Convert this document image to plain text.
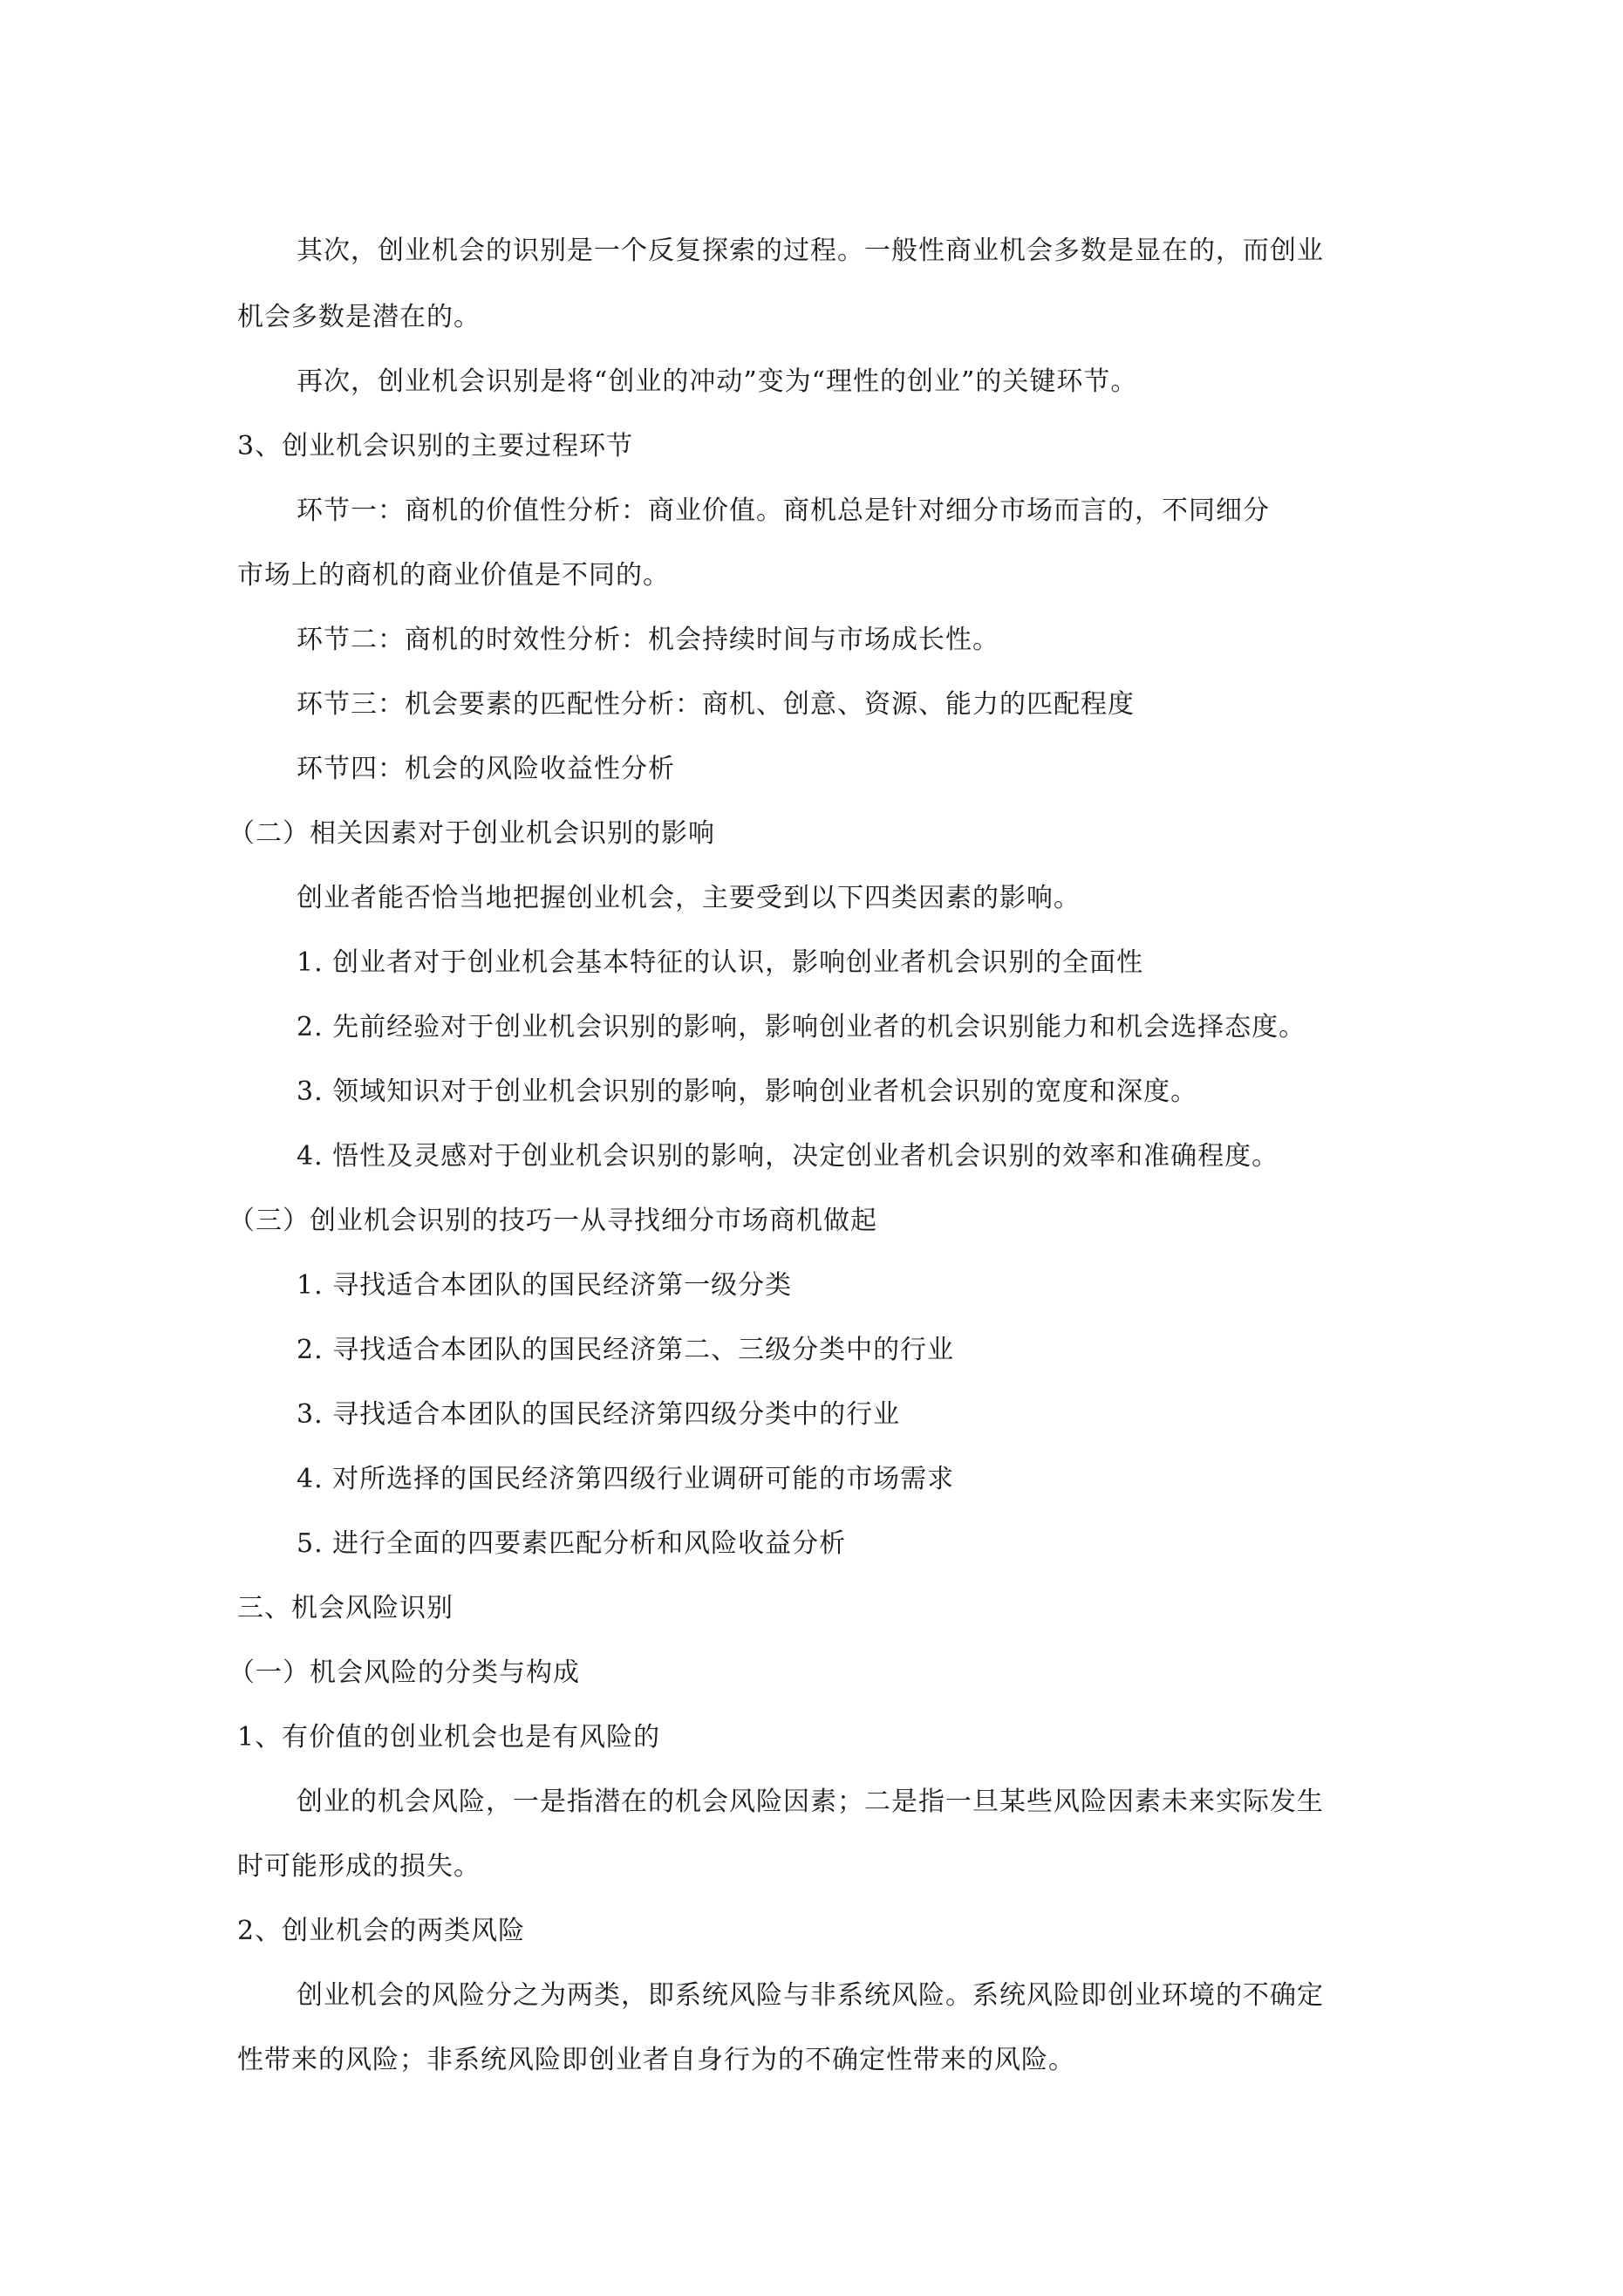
其次，创业机会的识别是一个反复探索的过程。一般性商业机会多数是显在的，而创业
机会多数是潜在的。
再次，创业机会识别是将“创业的冲动”变为“理性的创业”的关键环节。
3、创业机会识别的主要过程环节
环节一：商机的价值性分析：商业价值。商机总是针对细分市场而言的，不同细分
市场上的商机的商业价值是不同的。
环节二：商机的时效性分析：机会持续时间与市场成长性。
环节三：机会要素的匹配性分析：商机、创意、资源、能力的匹配程度
环节四：机会的风险收益性分析
（二）相关因素对于创业机会识别的影响
创业者能否恰当地把握创业机会，主要受到以下四类因素的影响。
1. 创业者对于创业机会基本特征的认识，影响创业者机会识别的全面性
2. 先前经验对于创业机会识别的影响，影响创业者的机会识别能力和机会选择态度。
3. 领域知识对于创业机会识别的影响，影响创业者机会识别的宽度和深度。
4. 悟性及灵感对于创业机会识别的影响，决定创业者机会识别的效率和准确程度。
（三）创业机会识别的技巧一从寻找细分市场商机做起
1. 寻找适合本团队的国民经济第一级分类
2. 寻找适合本团队的国民经济第二、三级分类中的行业
3. 寻找适合本团队的国民经济第四级分类中的行业
4. 对所选择的国民经济第四级行业调研可能的市场需求
5. 进行全面的四要素匹配分析和风险收益分析
三、机会风险识别
（一）机会风险的分类与构成
1、有价值的创业机会也是有风险的
创业的机会风险，一是指潜在的机会风险因素；二是指一旦某些风险因素未来实际发生
时可能形成的损失。
2、创业机会的两类风险
创业机会的风险分之为两类，即系统风险与非系统风险。系统风险即创业环境的不确定
性带来的风险；非系统风险即创业者自身行为的不确定性带来的风险。
